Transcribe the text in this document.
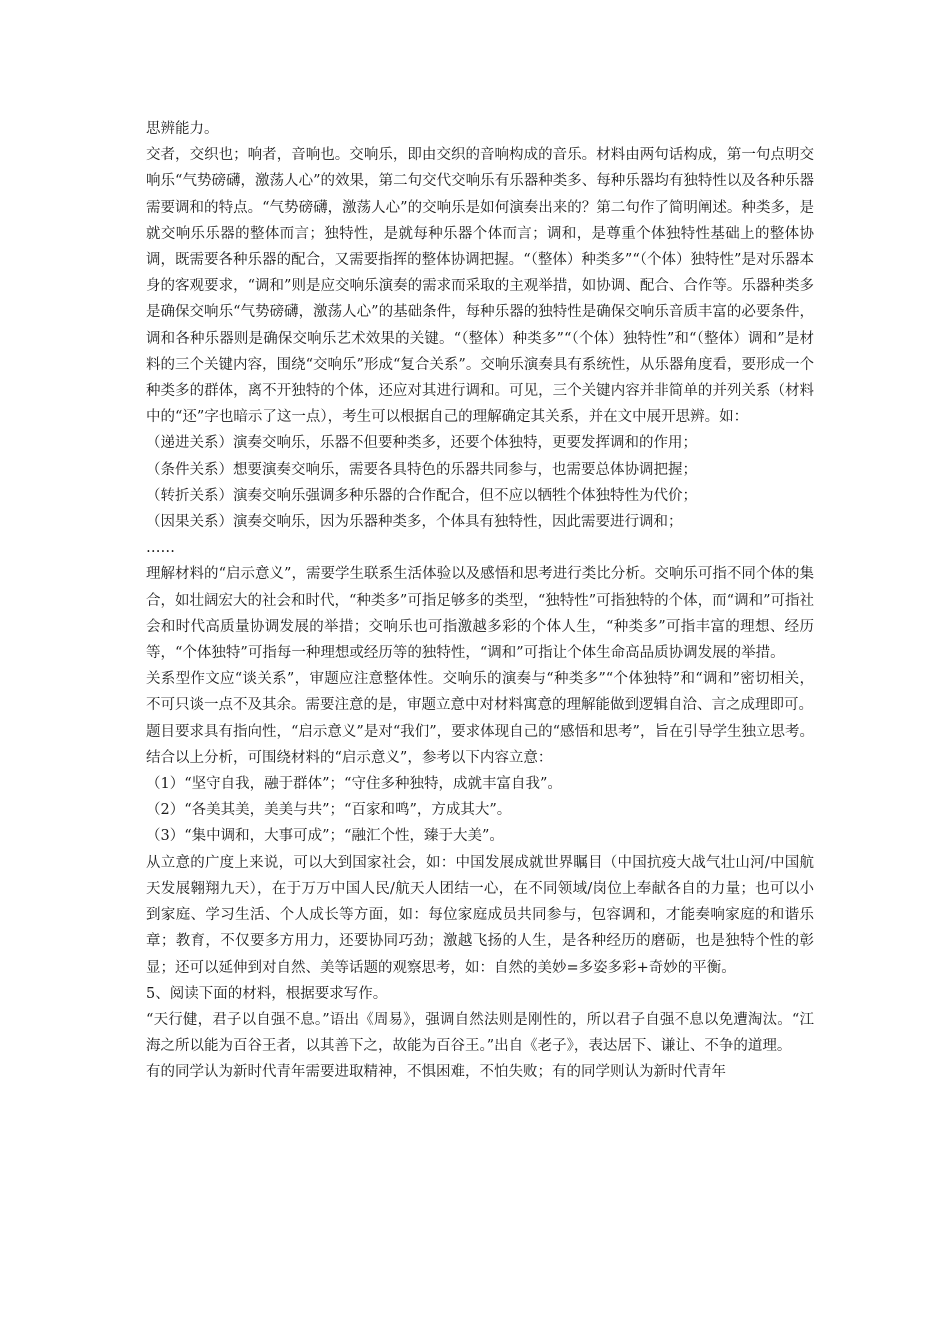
思辨能力。

交者，交织也；响者，音响也。交响乐，即由交织的音响构成的音乐。材料由两句话构成，第一句点明交响乐“气势磅礴，激荡人心”的效果，第二句交代交响乐有乐器种类多、每种乐器均有独特性以及各种乐器需要调和的特点。“气势磅礴，激荡人心”的交响乐是如何演奏出来的？第二句作了简明阐述。种类多，是就交响乐乐器的整体而言；独特性，是就每种乐器个体而言；调和，是尊重个体独特性基础上的整体协调，既需要各种乐器的配合，又需要指挥的整体协调把握。“（整体）种类多”“（个体）独特性”是对乐器本身的客观要求，“调和”则是应交响乐演奏的需求而采取的主观举措，如协调、配合、合作等。乐器种类多是确保交响乐“气势磅礴，激荡人心”的基础条件，每种乐器的独特性是确保交响乐音质丰富的必要条件，调和各种乐器则是确保交响乐艺术效果的关键。“（整体）种类多”“（个体）独特性”和“（整体）调和”是材料的三个关键内容，围绕“交响乐”形成“复合关系”。交响乐演奏具有系统性，从乐器角度看，要形成一个种类多的群体，离不开独特的个体，还应对其进行调和。可见，三个关键内容并非简单的并列关系（材料中的“还”字也暗示了这一点），考生可以根据自己的理解确定其关系，并在文中展开思辨。如：

（递进关系）演奏交响乐，乐器不但要种类多，还要个体独特，更要发挥调和的作用；

（条件关系）想要演奏交响乐，需要各具特色的乐器共同参与，也需要总体协调把握；

（转折关系）演奏交响乐强调多种乐器的合作配合，但不应以牺牲个体独特性为代价；

（因果关系）演奏交响乐，因为乐器种类多，个体具有独特性，因此需要进行调和；

……

理解材料的“启示意义”，需要学生联系生活体验以及感悟和思考进行类比分析。交响乐可指不同个体的集合，如壮阔宏大的社会和时代，“种类多”可指足够多的类型，“独特性”可指独特的个体，而“调和”可指社会和时代高质量协调发展的举措；交响乐也可指激越多彩的个体人生，“种类多”可指丰富的理想、经历等，“个体独特”可指每一种理想或经历等的独特性，“调和”可指让个体生命高品质协调发展的举措。

关系型作文应“谈关系”，审题应注意整体性。交响乐的演奏与“种类多”“个体独特”和“调和”密切相关，不可只谈一点不及其余。需要注意的是，审题立意中对材料寓意的理解能做到逻辑自洽、言之成理即可。

题目要求具有指向性，“启示意义”是对“我们”，要求体现自己的“感悟和思考”，旨在引导学生独立思考。

结合以上分析，可围绕材料的“启示意义”，参考以下内容立意：

（1）“坚守自我，融于群体”；“守住多种独特，成就丰富自我”。

（2）“各美其美，美美与共”；“百家和鸣”，方成其大”。

（3）“集中调和，大事可成”；“融汇个性，臻于大美”。

从立意的广度上来说，可以大到国家社会，如：中国发展成就世界瞩目（中国抗疫大战气壮山河/中国航天发展翱翔九天），在于万万中国人民/航天人团结一心，在不同领域/岗位上奉献各自的力量；也可以小到家庭、学习生活、个人成长等方面，如：每位家庭成员共同参与，包容调和，才能奏响家庭的和谐乐章；教育，不仅要多方用力，还要协同巧劲；激越飞扬的人生，是各种经历的磨砺，也是独特个性的彰显；还可以延伸到对自然、美等话题的观察思考，如：自然的美妙=多姿多彩+奇妙的平衡。

5、阅读下面的材料，根据要求写作。

“天行健，君子以自强不息。”语出《周易》，强调自然法则是刚性的，所以君子自强不息以免遭淘汰。“江海之所以能为百谷王者，以其善下之，故能为百谷王。”出自《老子》，表达居下、谦让、不争的道理。

有的同学认为新时代青年需要进取精神，不惧困难，不怕失败；有的同学则认为新时代青年
